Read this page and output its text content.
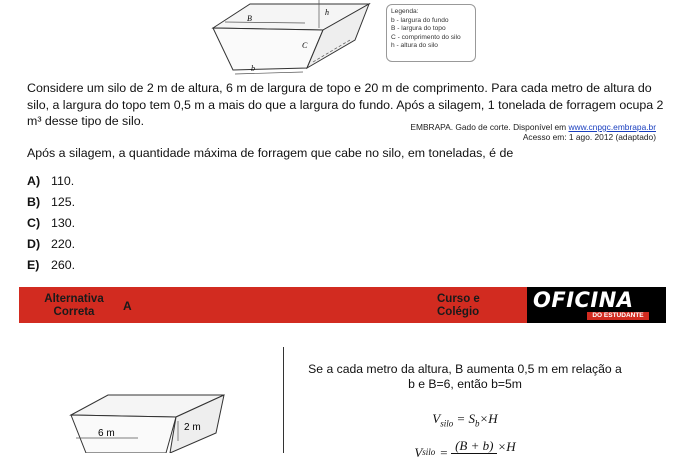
B
C
h
b
Legenda:
b - largura do fundo
B - largura do topo
C - comprimento do silo
h - altura do silo
Considere um silo de 2 m de altura, 6 m de largura de topo e 20 m de comprimento. Para cada metro de altura do silo, a largura do topo tem 0,5 m a mais do que a largura do fundo. Após a silagem, 1 tonelada de forragem ocupa 2 m³ desse tipo de silo.	EMBRAPA. Gado de corte. Disponível em www.cnpgc.embrapa.br
Acesso em: 1 ago. 2012 (adaptado)
Após a silagem, a quantidade máxima de forragem que cabe no silo, em toneladas, é de
A) 110.
B) 125.
C) 130.
D) 220.
E) 260.
Alternativa
Correta	A	Curso e
Colégio	OFICINA
DO ESTUDANTE
6 m
2 m
Se a cada metro da altura, B aumenta 0,5 m em relação a
b e B=6, então b=5m
$V_{silo} = S_b\times H$
V silo = (B + b) ×H
